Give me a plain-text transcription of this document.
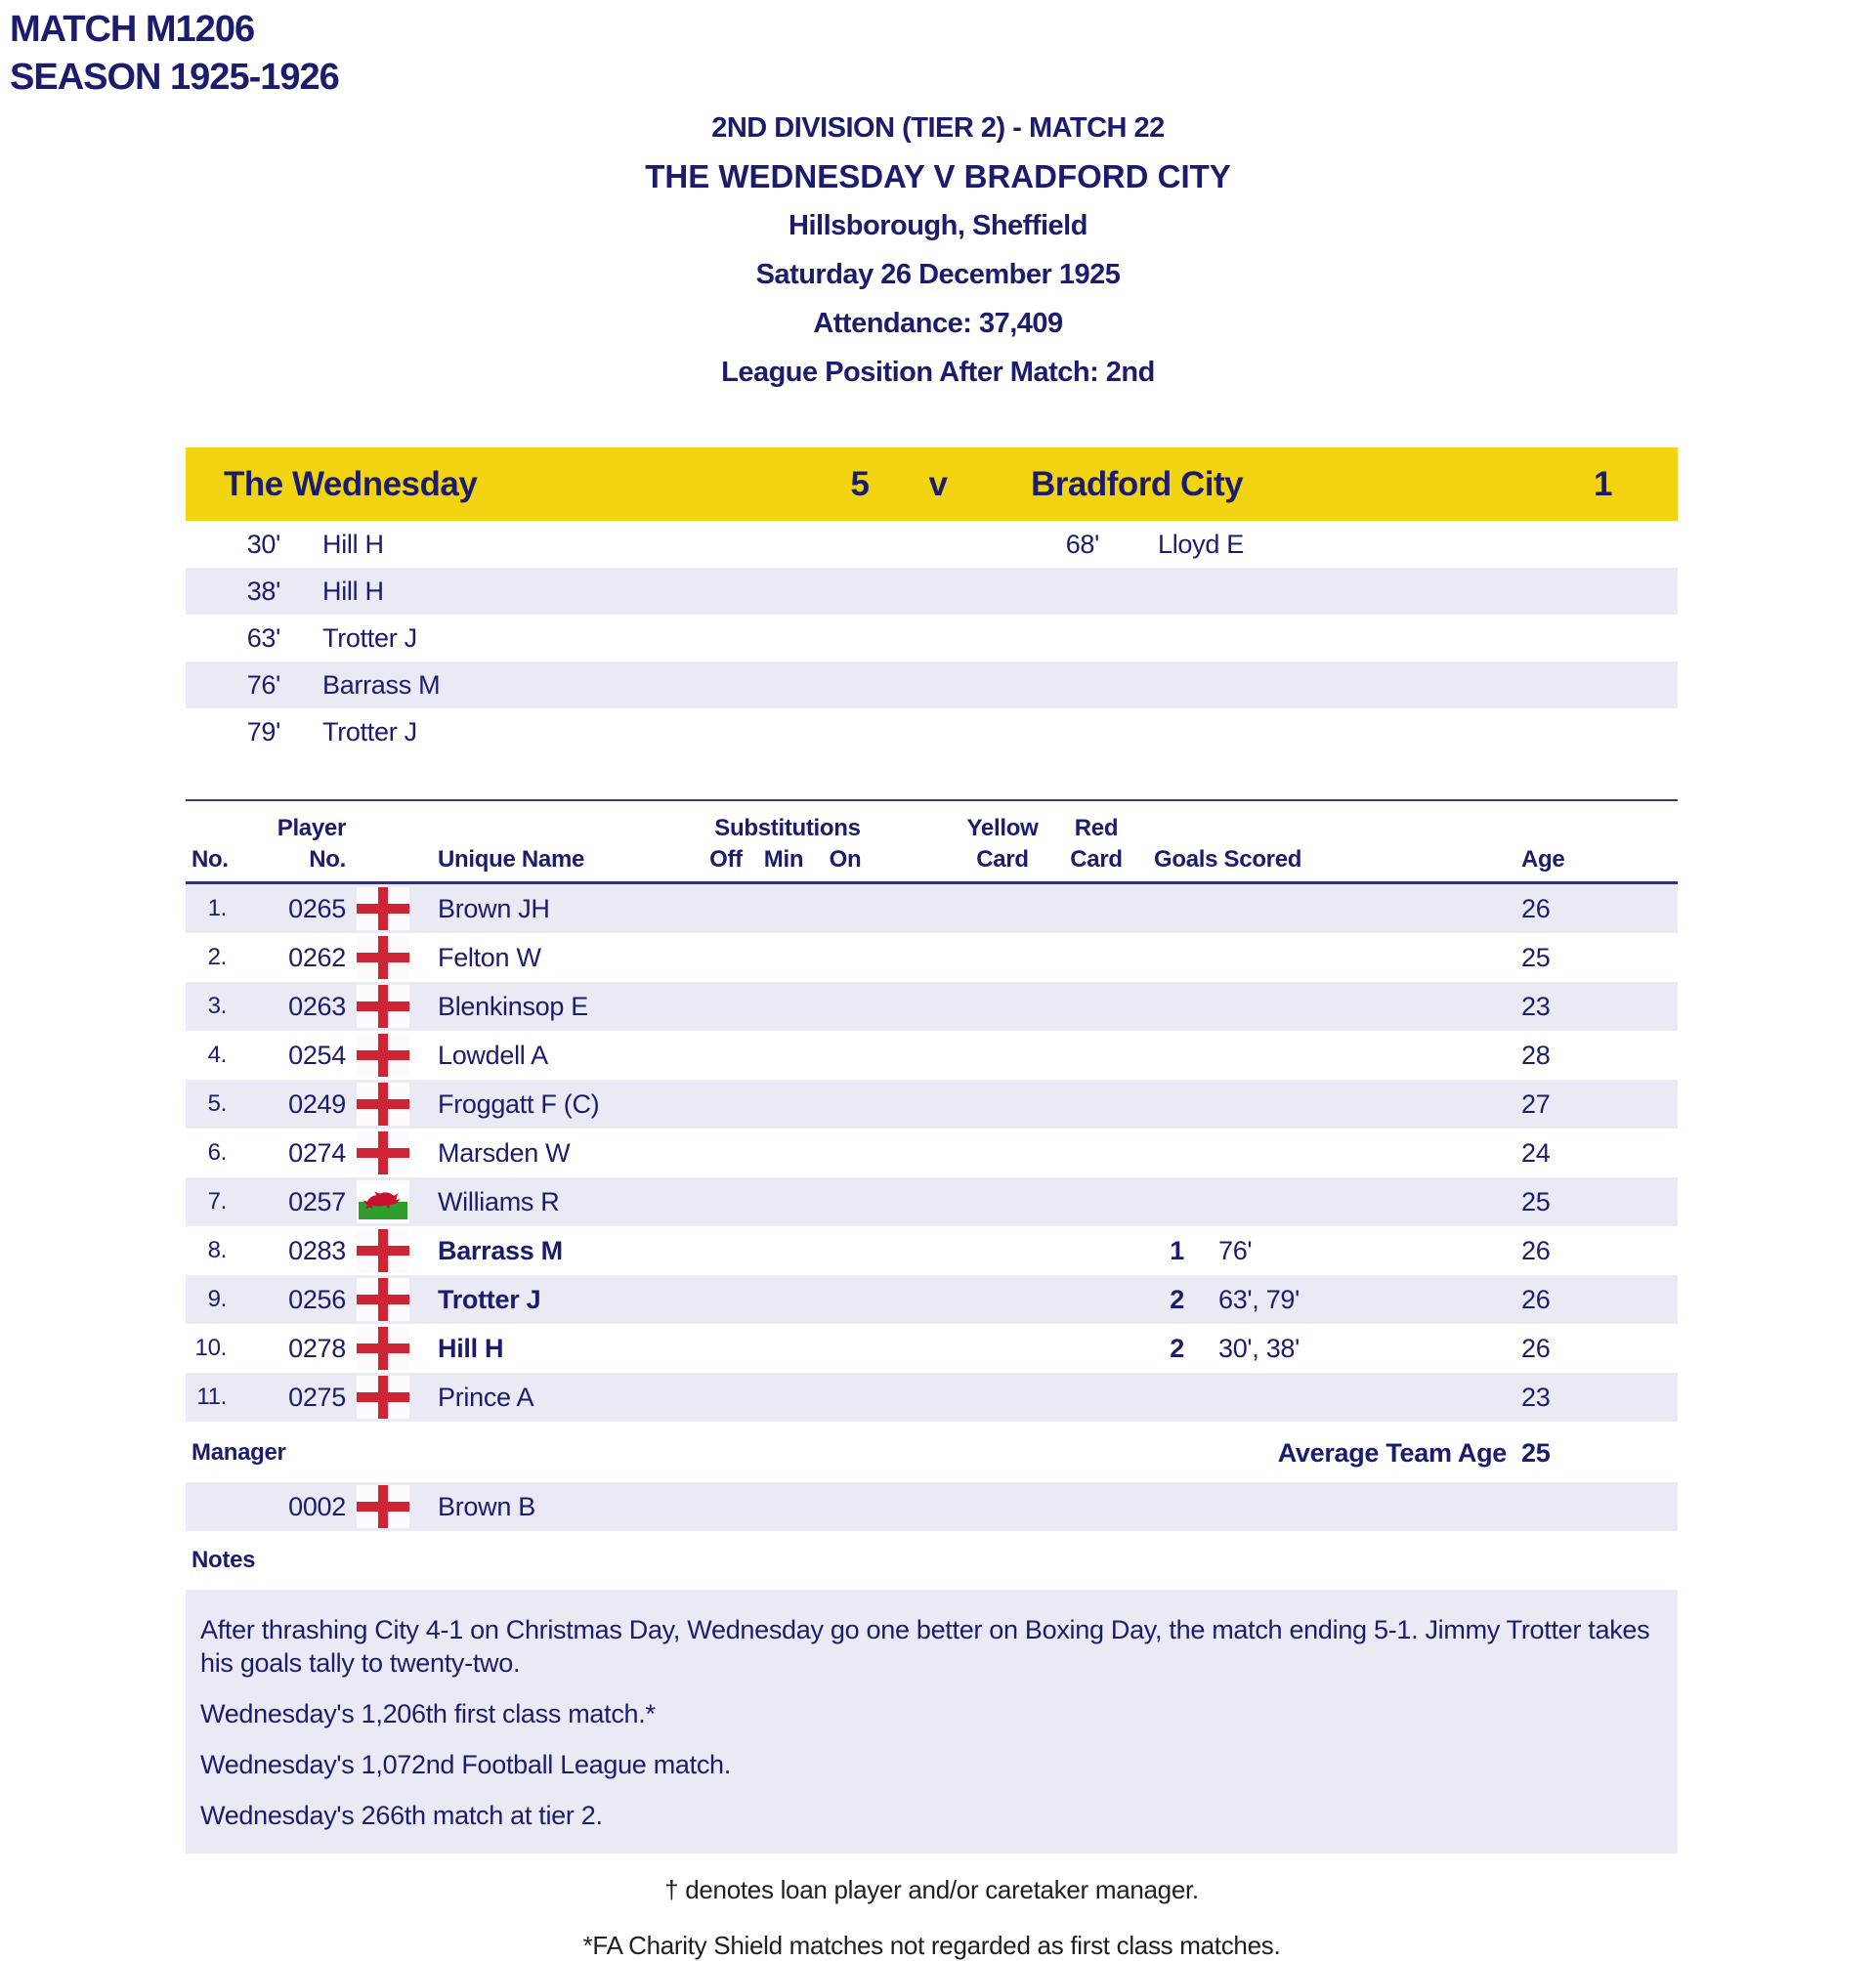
MATCH M1206
SEASON 1925-1926
2ND DIVISION (TIER 2) - MATCH 22
THE WEDNESDAY V BRADFORD CITY
Hillsborough, Sheffield
Saturday 26 December 1925
Attendance: 37,409
League Position After Match: 2nd
The Wednesday	5	v	Bradford City	1
30' Hill H	68' Lloyd E
38' Hill H
63' Trotter J
76' Barrass M
79' Trotter J
No.
Player
No.	Unique Name
Substitutions
Off Min	On
Yellow
Card
Red
Card	Goals Scored	Age
1.	0265	Brown JH	26
2.	0262	Felton W	25
3.	0263	Blenkinsop E	23
4.	0254	Lowdell A	28
5.	0249	Froggatt F (C)	27
6.	0274	Marsden W	24
7.	0257	Williams R	25
8.	0283	Barrass M	1	76'	26
9.	0256	Trotter J	2	63', 79'	26
10.	0278	Hill H	2	30', 38'	26
11.	0275	Prince A	23
Manager	Average Team Age 25
0002	Brown B
Notes

After thrashing City 4-1 on Christmas Day, Wednesday go one better on Boxing Day, the match ending 5-1. Jimmy Trotter takes his goals tally to twenty-two.

Wednesday's 1,206th first class match.*

Wednesday's 1,072nd Football League match.

Wednesday's 266th match at tier 2.

† denotes loan player and/or caretaker manager.
*FA Charity Shield matches not regarded as first class matches.
